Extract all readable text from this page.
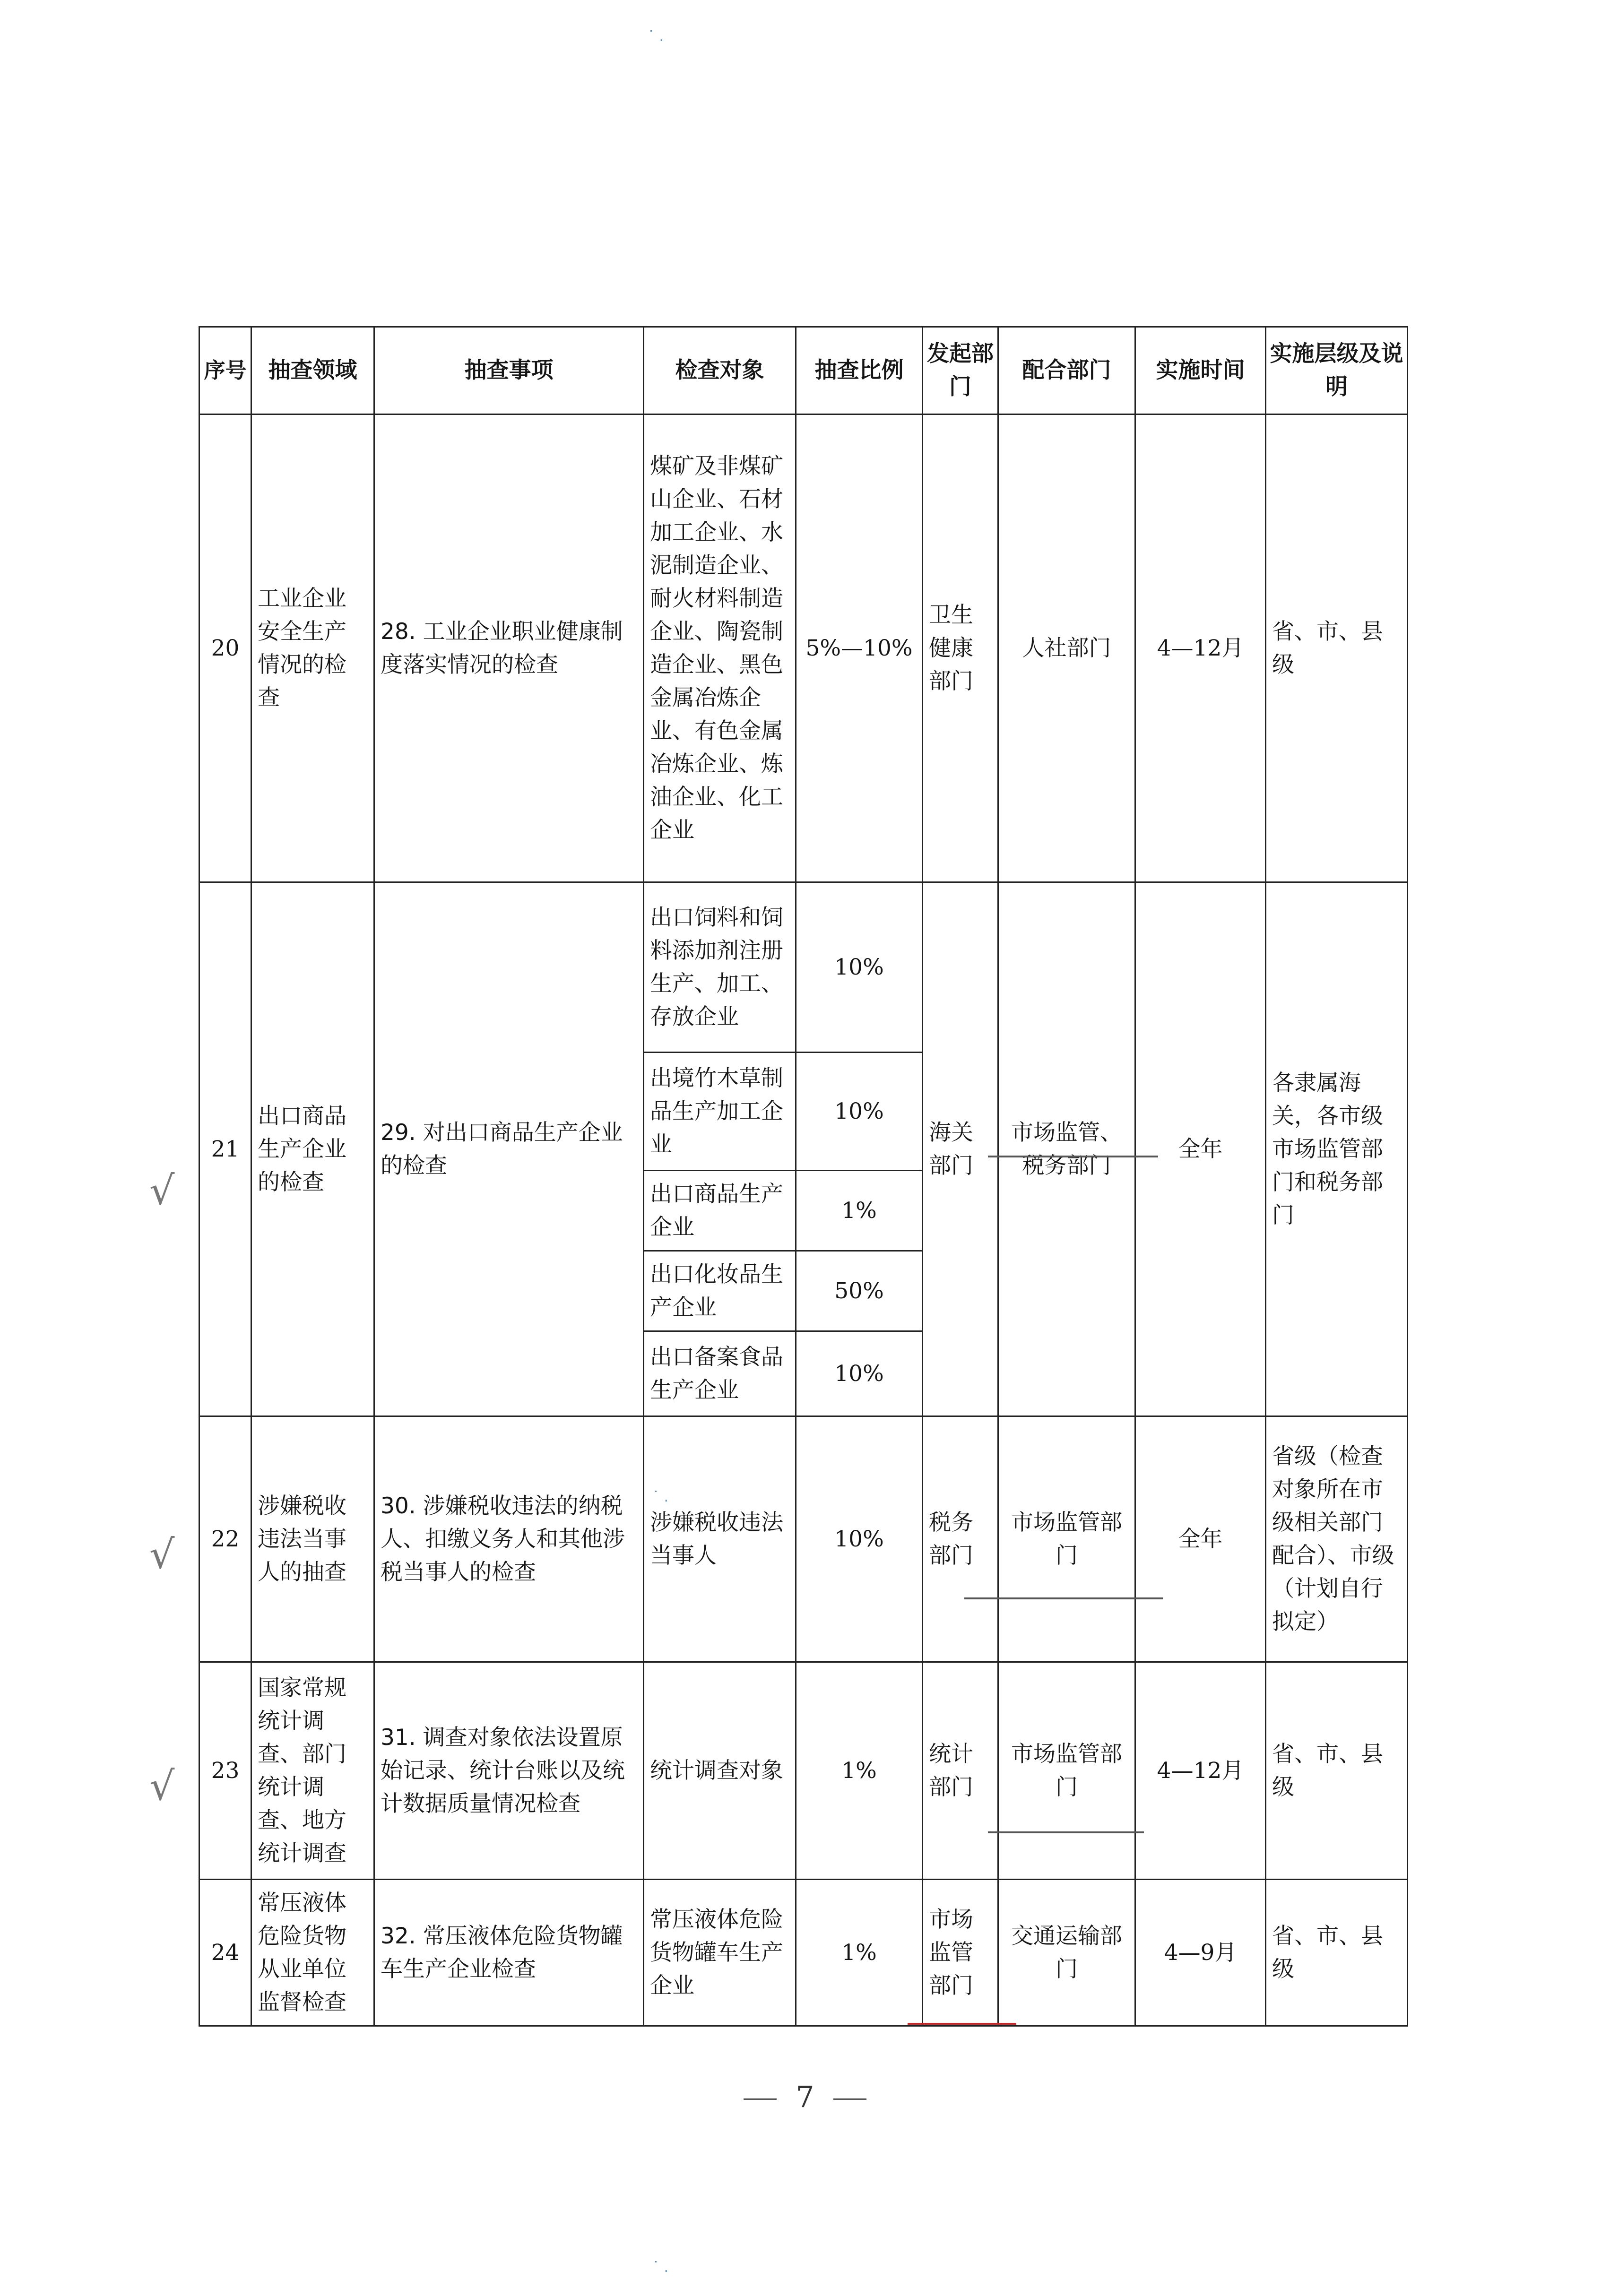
序号	抽查领域	抽查事项	检查对象	抽查比例	发起部门	配合部门	实施时间	实施层级及说明
20	工业企业安全生产情况的检查	28. 工业企业职业健康制度落实情况的检查	煤矿及非煤矿山企业、石材加工企业、水泥制造企业、耐火材料制造企业、陶瓷制造企业、黑色金属冶炼企业、有色金属冶炼企业、炼油企业、化工企业	5%—10%	卫生健康部门	人社部门	4—12月	省、市、县级
21	出口商品生产企业的检查	29. 对出口商品生产企业的检查	出口饲料和饲料添加剂注册生产、加工、存放企业	10%	海关部门	市场监管、税务部门	全年	各隶属海关，各市级市场监管部门和税务部门
			出境竹木草制品生产加工企业	10%				
			出口商品生产企业	1%				
			出口化妆品生产企业	50%				
			出口备案食品生产企业	10%				
22	涉嫌税收违法当事人的抽查	30. 涉嫌税收违法的纳税人、扣缴义务人和其他涉税当事人的检查	涉嫌税收违法当事人	10%	税务部门	市场监管部门	全年	省级（检查对象所在市级相关部门配合）、市级（计划自行拟定）
23	国家常规统计调查、部门统计调查、地方统计调查	31. 调查对象依法设置原始记录、统计台账以及统计数据质量情况检查	统计调查对象	1%	统计部门	市场监管部门	4—12月	省、市、县级
24	常压液体危险货物从业单位监督检查	32. 常压液体危险货物罐车生产企业检查	常压液体危险货物罐车生产企业	1%	市场监管部门	交通运输部门	4—9月	省、市、县级
√
√
√
˙ .
˙ .
˙ .
7
